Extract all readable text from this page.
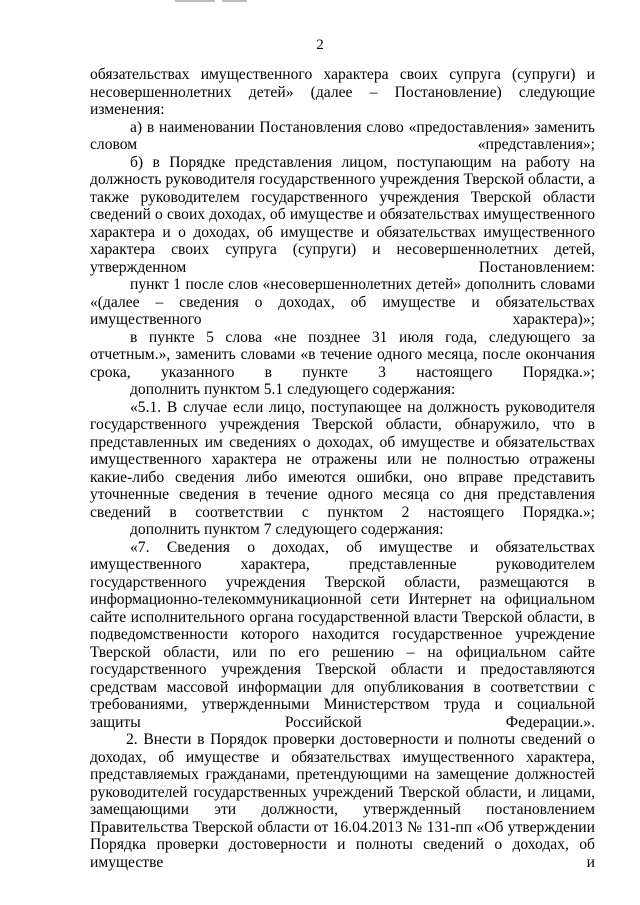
2

обязательствах имущественного характера своих супруга (супруги) и несовершеннолетних детей» (далее – Постановление) следующие изменения:

а) в наименовании Постановления слово «предоставления» заменить словом «представления»;

б) в Порядке представления лицом, поступающим на работу на должность руководителя государственного учреждения Тверской области, а также руководителем государственного учреждения Тверской области сведений о своих доходах, об имуществе и обязательствах имущественного характера и о доходах, об имуществе и обязательствах имущественного характера своих супруга (супруги) и несовершеннолетних детей, утвержденном Постановлением:

пункт 1 после слов «несовершеннолетних детей» дополнить словами «(далее – сведения о доходах, об имуществе и обязательствах имущественного характера)»;

в пункте 5 слова «не позднее 31 июля года, следующего за отчетным.», заменить словами «в течение одного месяца, после окончания срока, указанного в пункте 3 настоящего Порядка.»;

дополнить пунктом 5.1 следующего содержания:

«5.1. В случае если лицо, поступающее на должность руководителя государственного учреждения Тверской области, обнаружило, что в представленных им сведениях о доходах, об имуществе и обязательствах имущественного характера не отражены или не полностью отражены какие-либо сведения либо имеются ошибки, оно вправе представить уточненные сведения в течение одного месяца со дня представления сведений в соответствии с пунктом 2 настоящего Порядка.»;

дополнить пунктом 7 следующего содержания:

«7. Сведения о доходах, об имуществе и обязательствах имущественного характера, представленные руководителем государственного учреждения Тверской области, размещаются в информационно-телекоммуникационной сети Интернет на официальном сайте исполнительного органа государственной власти Тверской области, в подведомственности которого находится государственное учреждение Тверской области, или по его решению – на официальном сайте государственного учреждения Тверской области и предоставляются средствам массовой информации для опубликования в соответствии с требованиями, утвержденными Министерством труда и социальной защиты Российской Федерации.».

2. Внести в Порядок проверки достоверности и полноты сведений о доходах, об имуществе и обязательствах имущественного характера, представляемых гражданами, претендующими на замещение должностей руководителей государственных учреждений Тверской области, и лицами, замещающими эти должности, утвержденный постановлением Правительства Тверской области от 16.04.2013 № 131-пп «Об утверждении Порядка проверки достоверности и полноты сведений о доходах, об имуществе и
